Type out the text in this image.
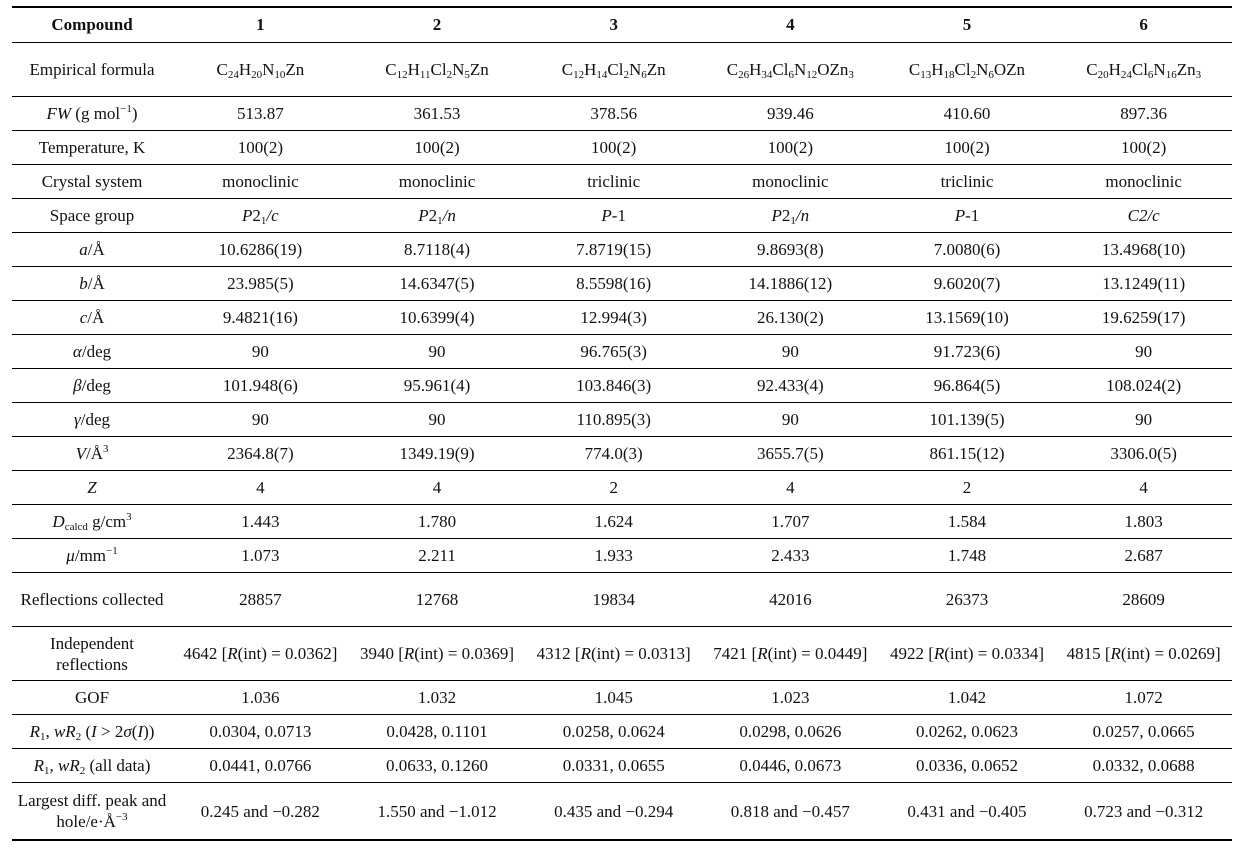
Compound	1	2	3	4	5	6
Empirical formula	$C_{24}H_{20}N_{10}Zn$	$C_{12}H_{11}Cl_2N_5Zn$	$C_{12}H_{14}Cl_2N_6Zn$	$C_{26}H_{34}Cl_6N_{12}OZn_3$	$C_{13}H_{18}Cl_2N_6OZn$	$C_{20}H_{24}Cl_6N_{16}Zn_3$
FW (g mol$^{-1}$)	513.87	361.53	378.56	939.46	410.60	897.36
Temperature, K	100(2)	100(2)	100(2)	100(2)	100(2)	100(2)
Crystal system	monoclinic	monoclinic	triclinic	monoclinic	triclinic	monoclinic
Space group	$P2_1/c$	$P2_1/n$	P-1	$P2_1/n$	P-1	C2/c
a/Å	10.6286(19)	8.7118(4)	7.8719(15)	9.8693(8)	7.0080(6)	13.4968(10)
b/Å	23.985(5)	14.6347(5)	8.5598(16)	14.1886(12)	9.6020(7)	13.1249(11)
c/Å	9.4821(16)	10.6399(4)	12.994(3)	26.130(2)	13.1569(10)	19.6259(17)
α/deg	90	90	96.765(3)	90	91.723(6)	90
β/deg	101.948(6)	95.961(4)	103.846(3)	92.433(4)	96.864(5)	108.024(2)
γ/deg	90	90	110.895(3)	90	101.139(5)	90
$V/Å^3$	2364.8(7)	1349.19(9)	774.0(3)	3655.7(5)	861.15(12)	3306.0(5)
Z	4	4	2	4	2	4
$D_{calcd}$ $g/cm^3$	1.443	1.780	1.624	1.707	1.584	1.803
$\mu/mm^{-1}$	1.073	2.211	1.933	2.433	1.748	2.687
Reflections collected	28857	12768	19834	42016	26373	28609
Independent reflections	4642 [R(int) = 0.0362]	3940 [R(int) = 0.0369]	4312 [R(int) = 0.0313]	7421 [R(int) = 0.0449]	4922 [R(int) = 0.0334]	4815 [R(int) = 0.0269]
GOF	1.036	1.032	1.045	1.023	1.042	1.072
$R_1$, $wR_2$ (I > 2σ(I))	0.0304, 0.0713	0.0428, 0.1101	0.0258, 0.0624	0.0298, 0.0626	0.0262, 0.0623	0.0257, 0.0665
$R_1$, $wR_2$ (all data)	0.0441, 0.0766	0.0633, 0.1260	0.0331, 0.0655	0.0446, 0.0673	0.0336, 0.0652	0.0332, 0.0688
Largest diff. peak and hole/$e\cdot Å^{-3}$	0.245 and −0.282	1.550 and −1.012	0.435 and −0.294	0.818 and −0.457	0.431 and −0.405	0.723 and −0.312
